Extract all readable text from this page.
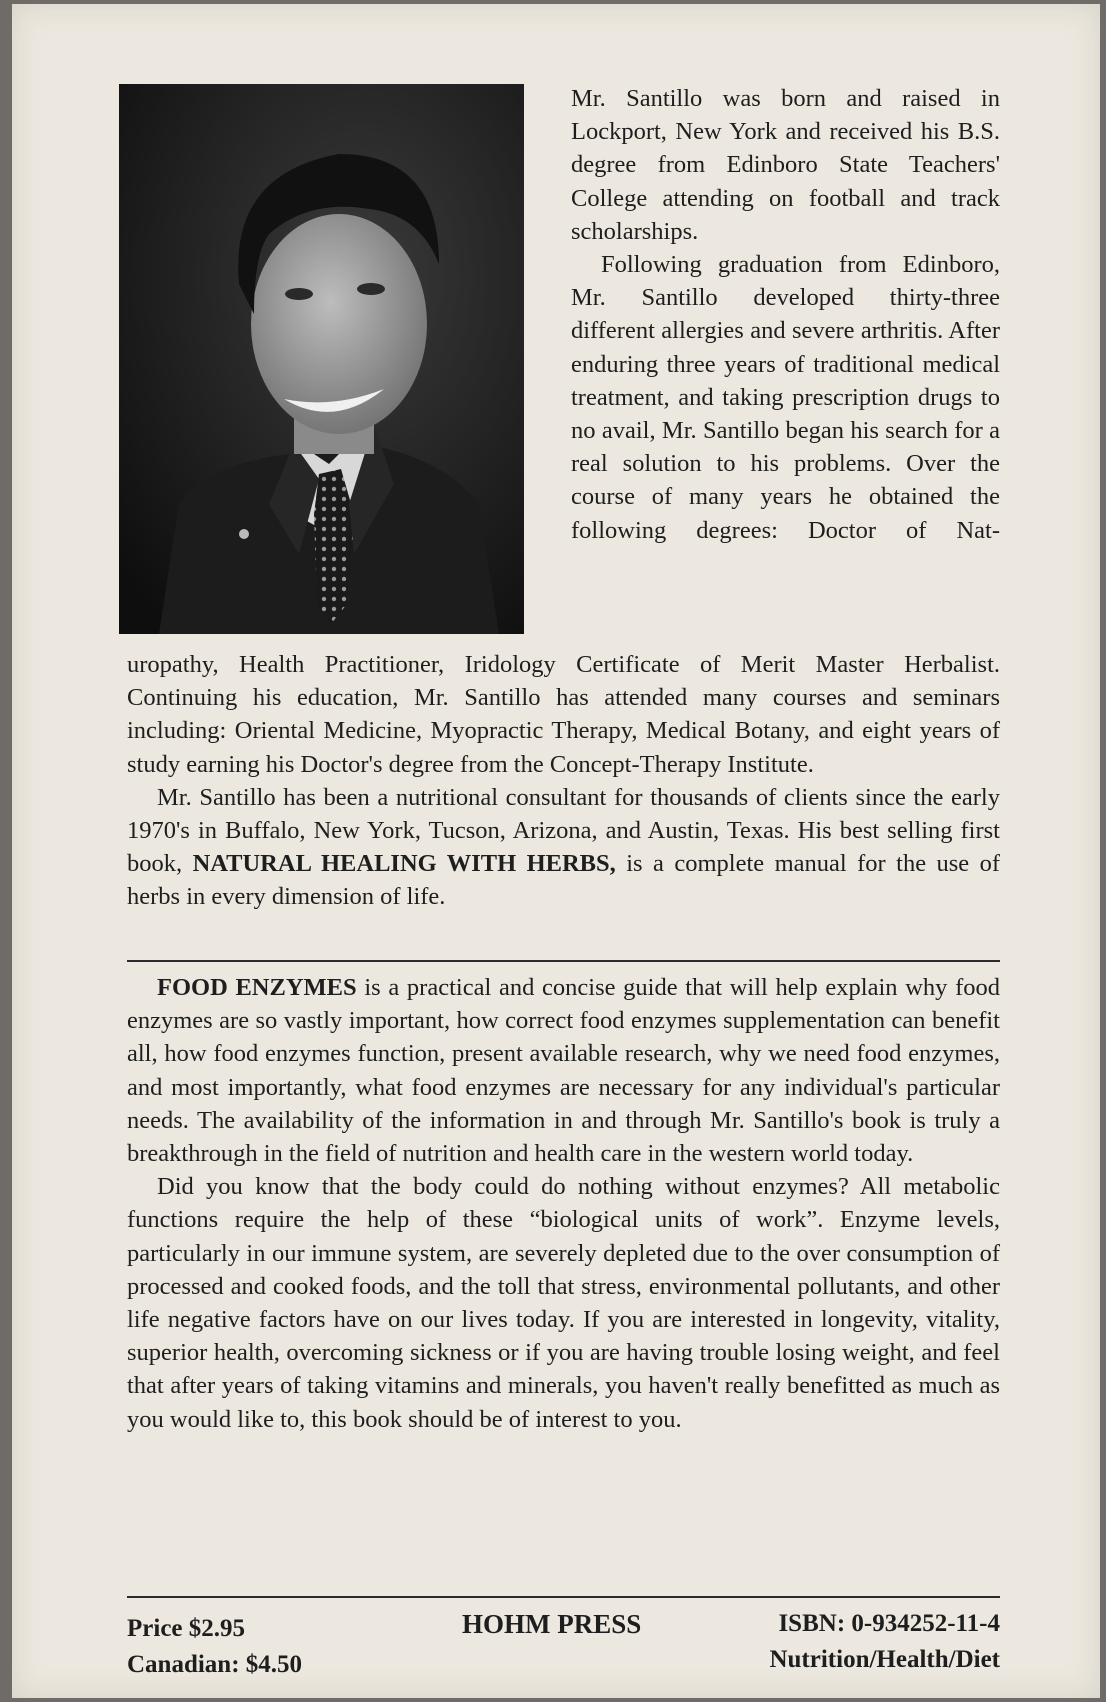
Mr. Santillo was born and raised in Lockport, New York and received his B.S. degree from Edinboro State Teachers' College attending on football and track scholarships.

Following graduation from Edinboro, Mr. Santillo developed thirty-three different allergies and severe arthritis. After enduring three years of traditional medical treatment, and taking prescription drugs to no avail, Mr. Santillo began his search for a real solution to his problems. Over the course of many years he obtained the following degrees: Doctor of Nat-

uropathy, Health Practitioner, Iridology Certificate of Merit Master Herbalist. Continuing his education, Mr. Santillo has attended many courses and seminars including: Oriental Medicine, Myopractic Therapy, Medical Botany, and eight years of study earning his Doctor's degree from the Concept-Therapy Institute.

Mr. Santillo has been a nutritional consultant for thousands of clients since the early 1970's in Buffalo, New York, Tucson, Arizona, and Austin, Texas. His best selling first book, NATURAL HEALING WITH HERBS, is a complete manual for the use of herbs in every dimension of life.

FOOD ENZYMES is a practical and concise guide that will help explain why food enzymes are so vastly important, how correct food enzymes supplementation can benefit all, how food enzymes function, present available research, why we need food enzymes, and most importantly, what food enzymes are necessary for any individual's particular needs. The availability of the information in and through Mr. Santillo's book is truly a breakthrough in the field of nutrition and health care in the western world today.

Did you know that the body could do nothing without enzymes? All metabolic functions require the help of these “biological units of work”. Enzyme levels, particularly in our immune system, are severely depleted due to the over consumption of processed and cooked foods, and the toll that stress, environmental pollutants, and other life negative factors have on our lives today. If you are interested in longevity, vitality, superior health, overcoming sickness or if you are having trouble losing weight, and feel that after years of taking vitamins and minerals, you haven't really benefitted as much as you would like to, this book should be of interest to you.

Price $2.95
Canadian: $4.50
HOHM PRESS	ISBN: 0-934252-11-4
Nutrition/Health/Diet
